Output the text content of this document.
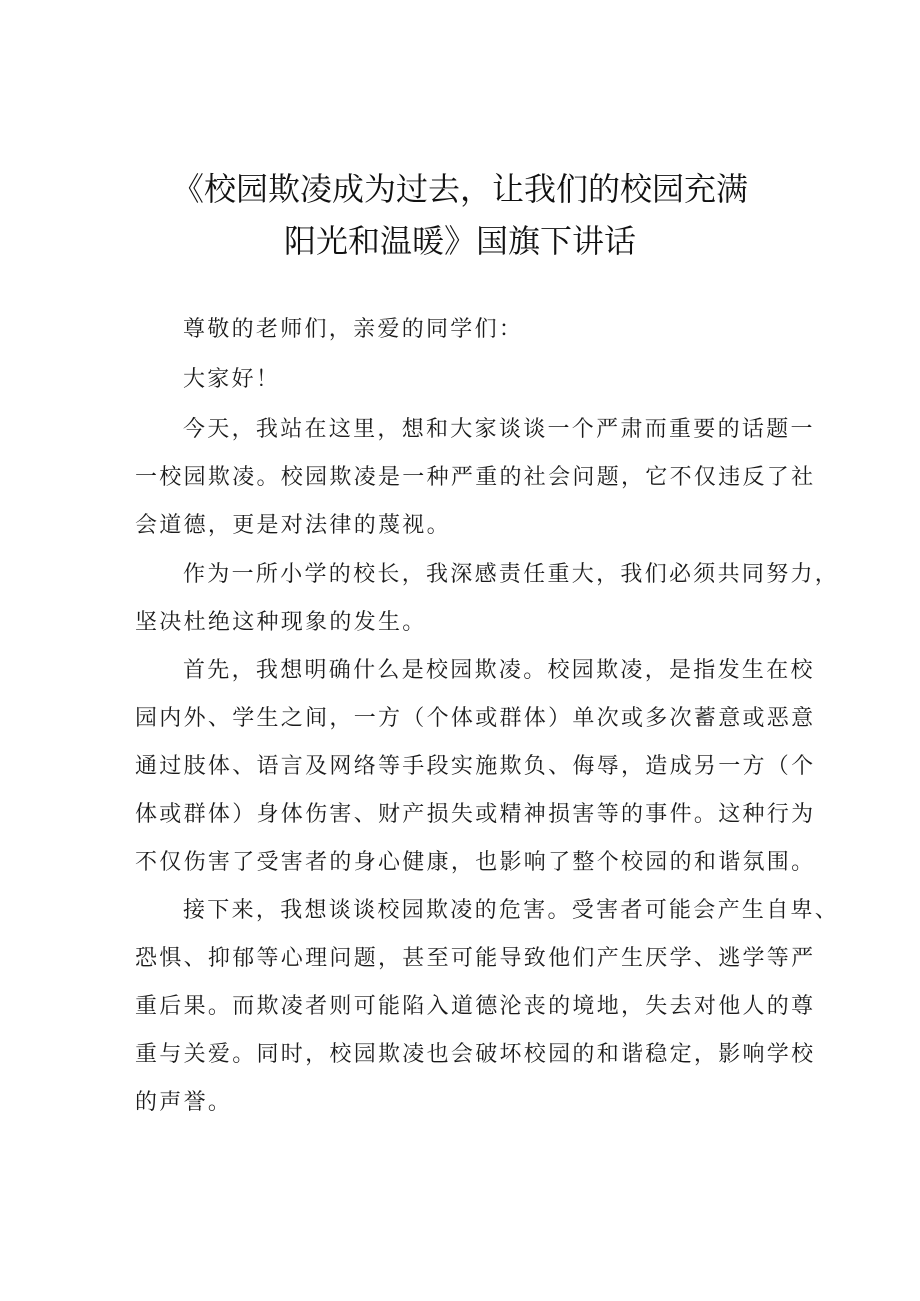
《校园欺凌成为过去，让我们的校园充满
阳光和温暖》国旗下讲话
尊敬的老师们，亲爱的同学们：
大家好！
今天，我站在这里，想和大家谈谈一个严肃而重要的话题一
一校园欺凌。校园欺凌是一种严重的社会问题，它不仅违反了社
会道德，更是对法律的蔑视。
作为一所小学的校长，我深感责任重大，我们必须共同努力，
坚决杜绝这种现象的发生。
首先，我想明确什么是校园欺凌。校园欺凌，是指发生在校
园内外、学生之间，一方（个体或群体）单次或多次蓄意或恶意
通过肢体、语言及网络等手段实施欺负、侮辱，造成另一方（个
体或群体）身体伤害、财产损失或精神损害等的事件。这种行为
不仅伤害了受害者的身心健康，也影响了整个校园的和谐氛围。
接下来，我想谈谈校园欺凌的危害。受害者可能会产生自卑、
恐惧、抑郁等心理问题，甚至可能导致他们产生厌学、逃学等严
重后果。而欺凌者则可能陷入道德沦丧的境地，失去对他人的尊
重与关爱。同时，校园欺凌也会破坏校园的和谐稳定，影响学校
的声誉。
